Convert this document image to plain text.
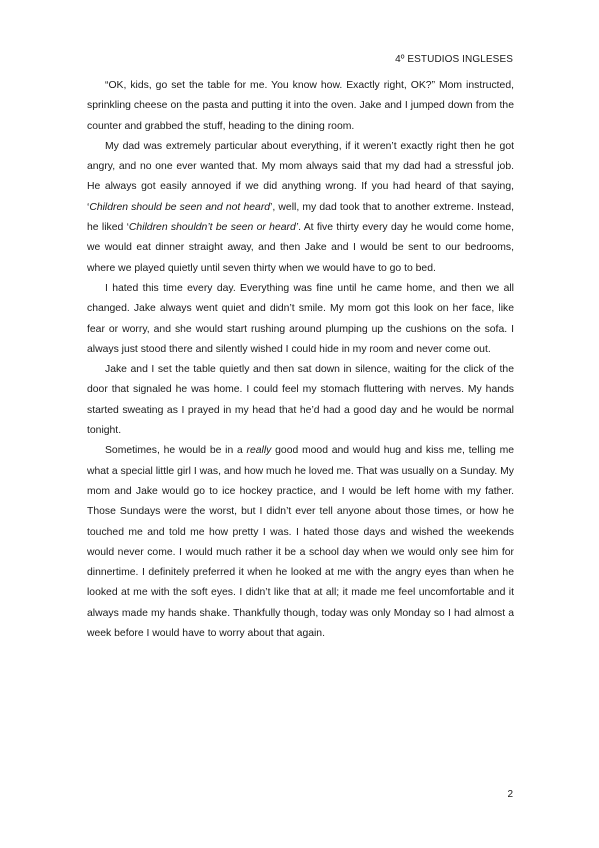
4º ESTUDIOS INGLESES

“OK, kids, go set the table for me. You know how. Exactly right, OK?” Mom instructed, sprinkling cheese on the pasta and putting it into the oven. Jake and I jumped down from the counter and grabbed the stuff, heading to the dining room.

My dad was extremely particular about everything, if it weren’t exactly right then he got angry, and no one ever wanted that. My mom always said that my dad had a stressful job. He always got easily annoyed if we did anything wrong. If you had heard of that saying, ‘Children should be seen and not heard’, well, my dad took that to another extreme. Instead, he liked ‘Children shouldn’t be seen or heard’. At five thirty every day he would come home, we would eat dinner straight away, and then Jake and I would be sent to our bedrooms, where we played quietly until seven thirty when we would have to go to bed.

I hated this time every day. Everything was fine until he came home, and then we all changed. Jake always went quiet and didn’t smile. My mom got this look on her face, like fear or worry, and she would start rushing around plumping up the cushions on the sofa. I always just stood there and silently wished I could hide in my room and never come out.

Jake and I set the table quietly and then sat down in silence, waiting for the click of the door that signaled he was home. I could feel my stomach fluttering with nerves. My hands started sweating as I prayed in my head that he’d had a good day and he would be normal tonight.

Sometimes, he would be in a really good mood and would hug and kiss me, telling me what a special little girl I was, and how much he loved me. That was usually on a Sunday. My mom and Jake would go to ice hockey practice, and I would be left home with my father. Those Sundays were the worst, but I didn’t ever tell anyone about those times, or how he touched me and told me how pretty I was. I hated those days and wished the weekends would never come. I would much rather it be a school day when we would only see him for dinnertime. I definitely preferred it when he looked at me with the angry eyes than when he looked at me with the soft eyes. I didn’t like that at all; it made me feel uncomfortable and it always made my hands shake. Thankfully though, today was only Monday so I had almost a week before I would have to worry about that again.

2
